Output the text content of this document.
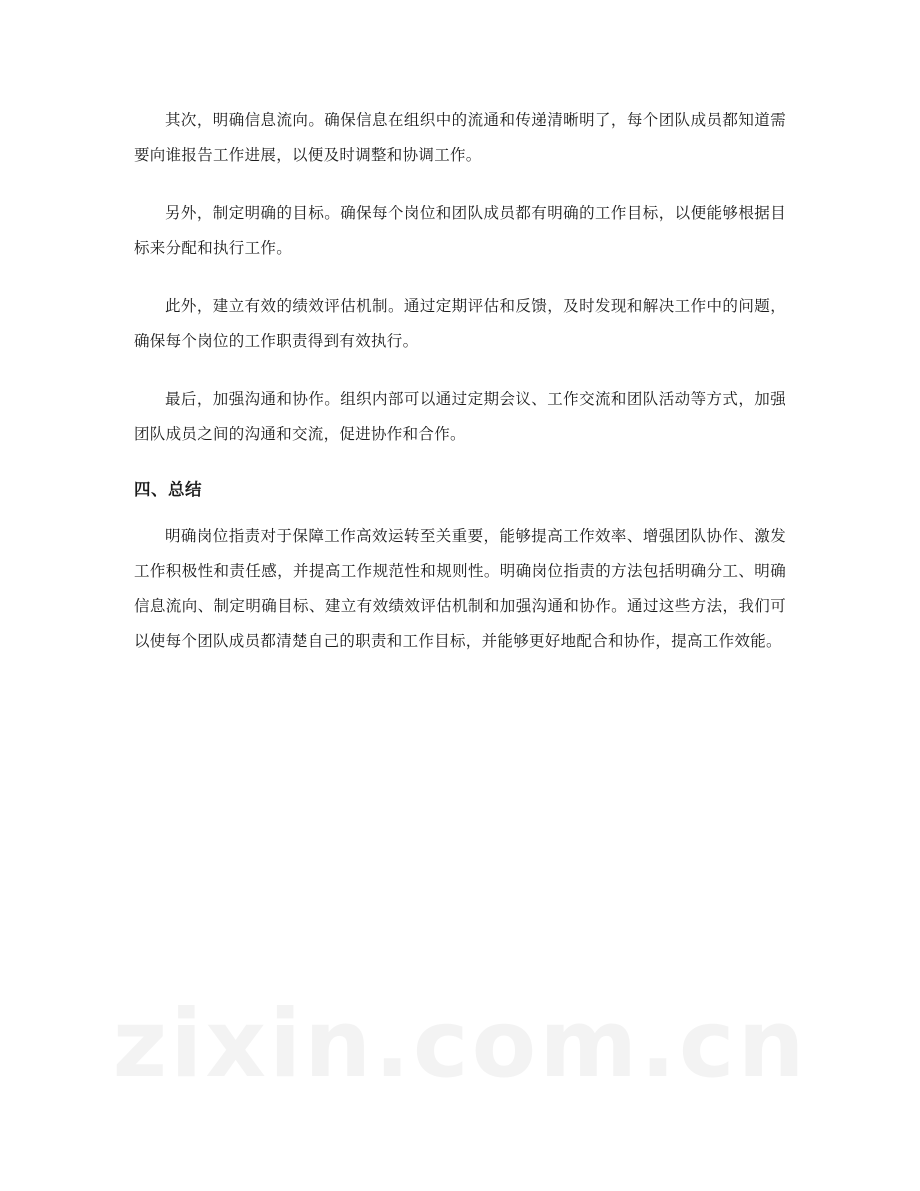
其次，明确信息流向。确保信息在组织中的流通和传递清晰明了，每个团队成员都知道需要向谁报告工作进展，以便及时调整和协调工作。

另外，制定明确的目标。确保每个岗位和团队成员都有明确的工作目标，以便能够根据目标来分配和执行工作。

此外，建立有效的绩效评估机制。通过定期评估和反馈，及时发现和解决工作中的问题，确保每个岗位的工作职责得到有效执行。

最后，加强沟通和协作。组织内部可以通过定期会议、工作交流和团队活动等方式，加强团队成员之间的沟通和交流，促进协作和合作。

四、总结

明确岗位指责对于保障工作高效运转至关重要，能够提高工作效率、增强团队协作、激发工作积极性和责任感，并提高工作规范性和规则性。明确岗位指责的方法包括明确分工、明确信息流向、制定明确目标、建立有效绩效评估机制和加强沟通和协作。通过这些方法，我们可以使每个团队成员都清楚自己的职责和工作目标，并能够更好地配合和协作，提高工作效能。

zixin.com.cn
